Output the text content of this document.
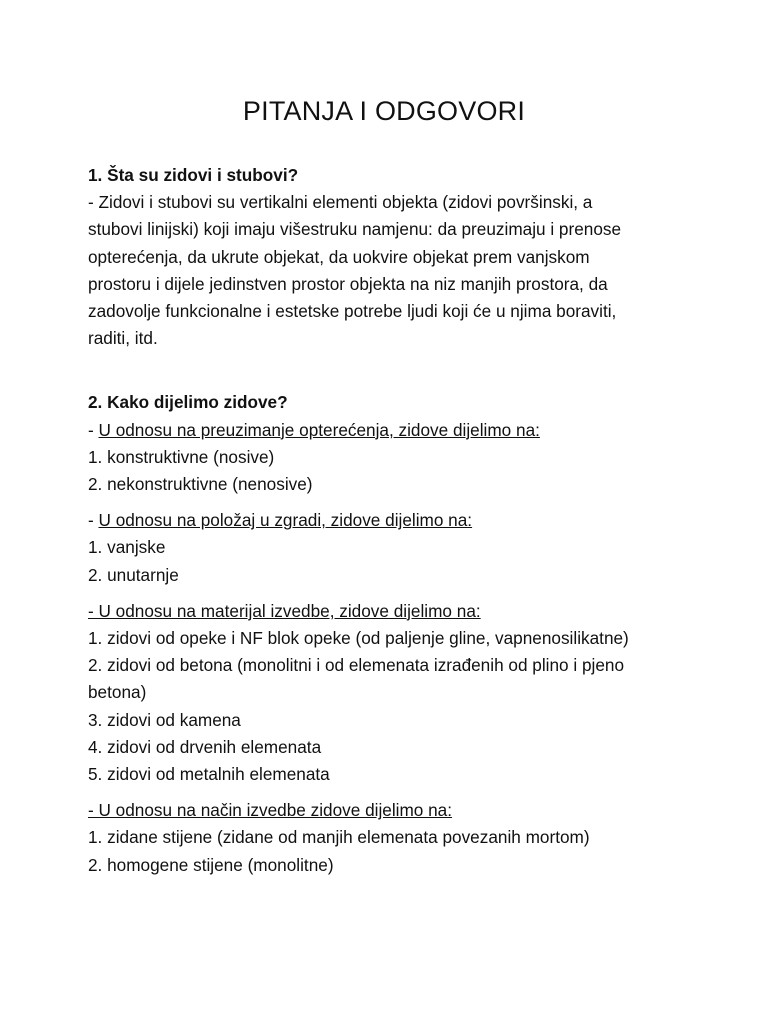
PITANJA I ODGOVORI
1. Šta su zidovi i stubovi?
- Zidovi i stubovi su vertikalni elementi objekta (zidovi površinski, a
stubovi linijski) koji imaju višestruku namjenu: da preuzimaju i prenose
opterećenja, da ukrute objekat, da uokvire objekat prem vanjskom
prostoru i dijele jedinstven prostor objekta na niz manjih prostora, da
zadovolje funkcionalne i estetske potrebe ljudi koji će u njima boraviti,
raditi, itd.
2. Kako dijelimo zidove?
- U odnosu na preuzimanje opterećenja, zidove dijelimo na:
1. konstruktivne (nosive)
2. nekonstruktivne (nenosive)
- U odnosu na položaj u zgradi, zidove dijelimo na:
1. vanjske
2. unutarnje
- U odnosu na materijal izvedbe, zidove dijelimo na:
1. zidovi od opeke i NF blok opeke (od paljenje gline, vapnenosilikatne)
2. zidovi od betona (monolitni i od elemenata izrađenih od plino i pjeno
betona)
3. zidovi od kamena
4. zidovi od drvenih elemenata
5. zidovi od metalnih elemenata
- U odnosu na način izvedbe zidove dijelimo na:
1. zidane stijene (zidane od manjih elemenata povezanih mortom)
2. homogene stijene (monolitne)
